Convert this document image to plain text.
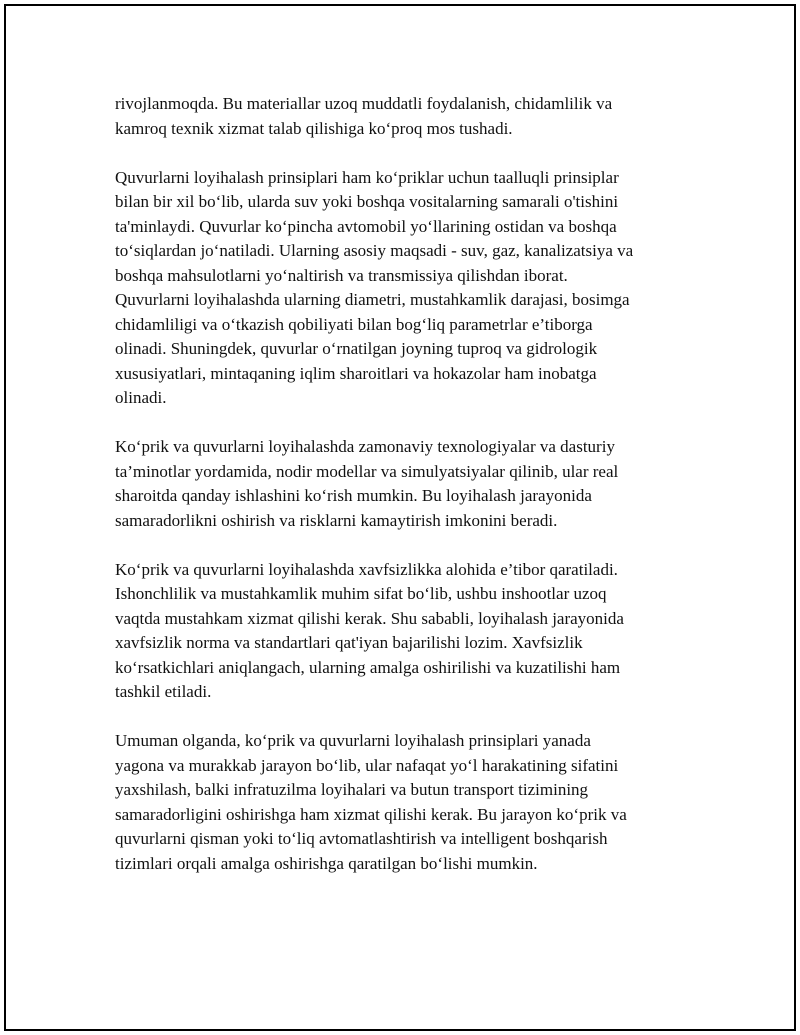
rivojlanmoqda. Bu materiallar uzoq muddatli foydalanish, chidamlilik va
kamroq texnik xizmat talab qilishiga ko‘proq mos tushadi.

Quvurlarni loyihalash prinsiplari ham ko‘priklar uchun taalluqli prinsiplar
bilan bir xil bo‘lib, ularda suv yoki boshqa vositalarning samarali o'tishini
ta'minlaydi. Quvurlar ko‘pincha avtomobil yo‘llarining ostidan va boshqa
to‘siqlardan jo‘natiladi. Ularning asosiy maqsadi - suv, gaz, kanalizatsiya va
boshqa mahsulotlarni yo‘naltirish va transmissiya qilishdan iborat.
Quvurlarni loyihalashda ularning diametri, mustahkamlik darajasi, bosimga
chidamliligi va o‘tkazish qobiliyati bilan bog‘liq parametrlar e’tiborga
olinadi. Shuningdek, quvurlar o‘rnatilgan joyning tuproq va gidrologik
xususiyatlari, mintaqaning iqlim sharoitlari va hokazolar ham inobatga
olinadi.

Ko‘prik va quvurlarni loyihalashda zamonaviy texnologiyalar va dasturiy
ta’minotlar yordamida, nodir modellar va simulyatsiyalar qilinib, ular real
sharoitda qanday ishlashini ko‘rish mumkin. Bu loyihalash jarayonida
samaradorlikni oshirish va risklarni kamaytirish imkonini beradi.

Ko‘prik va quvurlarni loyihalashda xavfsizlikka alohida e’tibor qaratiladi.
Ishonchlilik va mustahkamlik muhim sifat bo‘lib, ushbu inshootlar uzoq
vaqtda mustahkam xizmat qilishi kerak. Shu sababli, loyihalash jarayonida
xavfsizlik norma va standartlari qat'iyan bajarilishi lozim. Xavfsizlik
ko‘rsatkichlari aniqlangach, ularning amalga oshirilishi va kuzatilishi ham
tashkil etiladi.

Umuman olganda, ko‘prik va quvurlarni loyihalash prinsiplari yanada
yagona va murakkab jarayon bo‘lib, ular nafaqat yo‘l harakatining sifatini
yaxshilash, balki infratuzilma loyihalari va butun transport tizimining
samaradorligini oshirishga ham xizmat qilishi kerak. Bu jarayon ko‘prik va
quvurlarni qisman yoki to‘liq avtomatlashtirish va intelligent boshqarish
tizimlari orqali amalga oshirishga qaratilgan bo‘lishi mumkin.
